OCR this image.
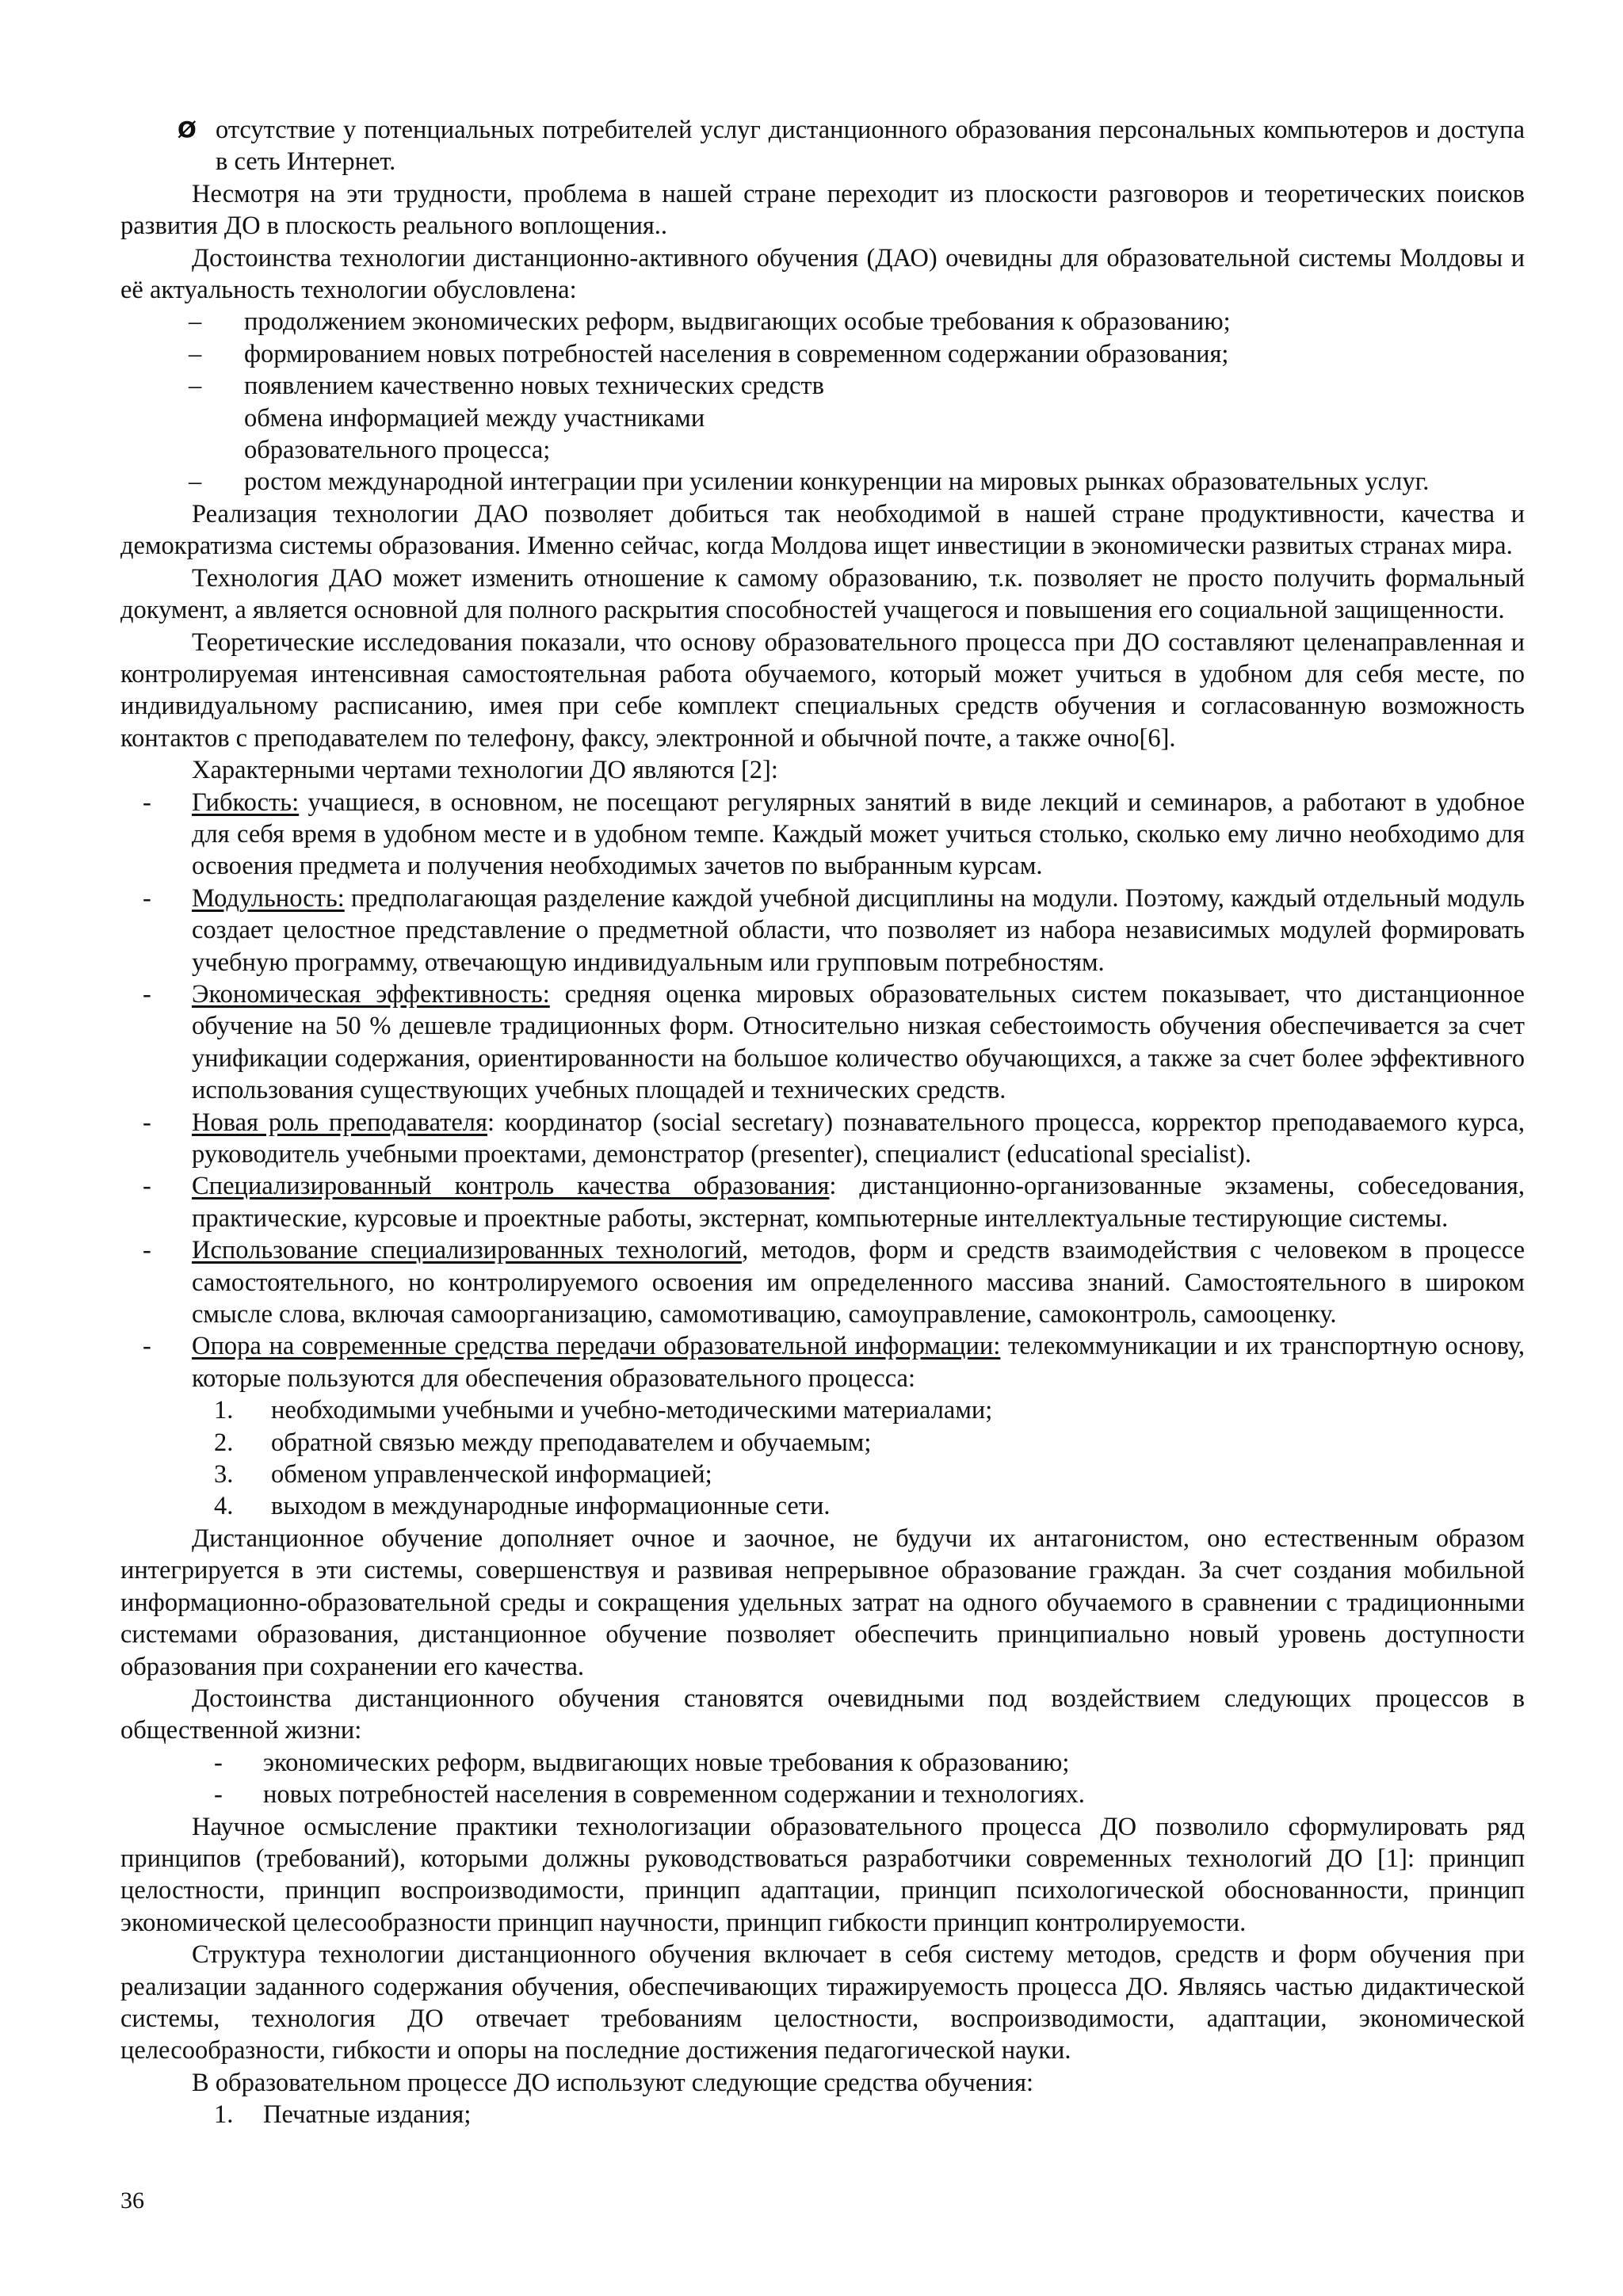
Ø отсутствие у потенциальных потребителей услуг дистанционного образования персональных компьютеров и доступа в сеть Интернет.

Несмотря на эти трудности, проблема в нашей стране переходит из плоскости разговоров и теоретических поисков развития ДО в плоскость реального воплощения..

Достоинства технологии дистанционно-активного обучения (ДАО) очевидны для образовательной системы Молдовы и её актуальность технологии обусловлена:

– продолжением экономических реформ, выдвигающих особые требования к образованию;
– формированием новых потребностей населения в современном содержании образования;
– появлением качественно новых технических средств обмена информацией между участниками образовательного процесса;
– ростом международной интеграции при усилении конкуренции на мировых рынках образовательных услуг.

Реализация технологии ДАО позволяет добиться так необходимой в нашей стране продуктивности, качества и демократизма системы образования. Именно сейчас, когда Молдова ищет инвестиции в экономически развитых странах мира.

Технология ДАО может изменить отношение к самому образованию, т.к. позволяет не просто получить формальный документ, а является основной для полного раскрытия способностей учащегося и повышения его социальной защищенности.

Теоретические исследования показали, что основу образовательного процесса при ДО составляют целенаправленная и контролируемая интенсивная самостоятельная работа обучаемого, который может учиться в удобном для себя месте, по индивидуальному расписанию, имея при себе комплект специальных средств обучения и согласованную возможность контактов с преподавателем по телефону, факсу, электронной и обычной почте, а также очно[6].

Характерными чертами технологии ДО являются [2]:

- Гибкость: учащиеся, в основном, не посещают регулярных занятий в виде лекций и семинаров, а работают в удобное для себя время в удобном месте и в удобном темпе. Каждый может учиться столько, сколько ему лично необходимо для освоения предмета и получения необходимых зачетов по выбранным курсам.
- Модульность: предполагающая разделение каждой учебной дисциплины на модули. Поэтому, каждый отдельный модуль создает целостное представление о предметной области, что позволяет из набора независимых модулей формировать учебную программу, отвечающую индивидуальным или групповым потребностям.
- Экономическая эффективность: средняя оценка мировых образовательных систем показывает, что дистанционное обучение на 50 % дешевле традиционных форм. Относительно низкая себестоимость обучения обеспечивается за счет унификации содержания, ориентированности на большое количество обучающихся, а также за счет более эффективного использования существующих учебных площадей и технических средств.
- Новая роль преподавателя: координатор (social secretary) познавательного процесса, корректор преподаваемого курса, руководитель учебными проектами, демонстратор (presenter), специалист (educational specialist).
- Специализированный контроль качества образования: дистанционно-организованные экзамены, собеседования, практические, курсовые и проектные работы, экстернат, компьютерные интеллектуальные тестирующие системы.
- Использование специализированных технологий, методов, форм и средств взаимодействия с человеком в процессе самостоятельного, но контролируемого освоения им определенного массива знаний. Самостоятельного в широком смысле слова, включая самоорганизацию, самомотивацию, самоуправление, самоконтроль, самооценку.
- Опора на современные средства передачи образовательной информации: телекоммуникации и их транспортную основу, которые пользуются для обеспечения образовательного процесса:
1. необходимыми учебными и учебно-методическими материалами;
2. обратной связью между преподавателем и обучаемым;
3. обменом управленческой информацией;
4. выходом в международные информационные сети.

Дистанционное обучение дополняет очное и заочное, не будучи их антагонистом, оно естественным образом интегрируется в эти системы, совершенствуя и развивая непрерывное образование граждан. За счет создания мобильной информационно-образовательной среды и сокращения удельных затрат на одного обучаемого в сравнении с традиционными системами образования, дистанционное обучение позволяет обеспечить принципиально новый уровень доступности образования при сохранении его качества.

Достоинства дистанционного обучения становятся очевидными под воздействием следующих процессов в общественной жизни:

- экономических реформ, выдвигающих новые требования к образованию;
- новых потребностей населения в современном содержании и технологиях.

Научное осмысление практики технологизации образовательного процесса ДО позволило сформулировать ряд принципов (требований), которыми должны руководствоваться разработчики современных технологий ДО [1]: принцип целостности, принцип воспроизводимости, принцип адаптации, принцип психологической обоснованности, принцип экономической целесообразности принцип научности, принцип гибкости принцип контролируемости.

Структура технологии дистанционного обучения включает в себя систему методов, средств и форм обучения при реализации заданного содержания обучения, обеспечивающих тиражируемость процесса ДО. Являясь частью дидактической системы, технология ДО отвечает требованиям целостности, воспроизводимости, адаптации, экономической целесообразности, гибкости и опоры на последние достижения педагогической науки.

В образовательном процессе ДО используют следующие средства обучения:

1. Печатные издания;
36
